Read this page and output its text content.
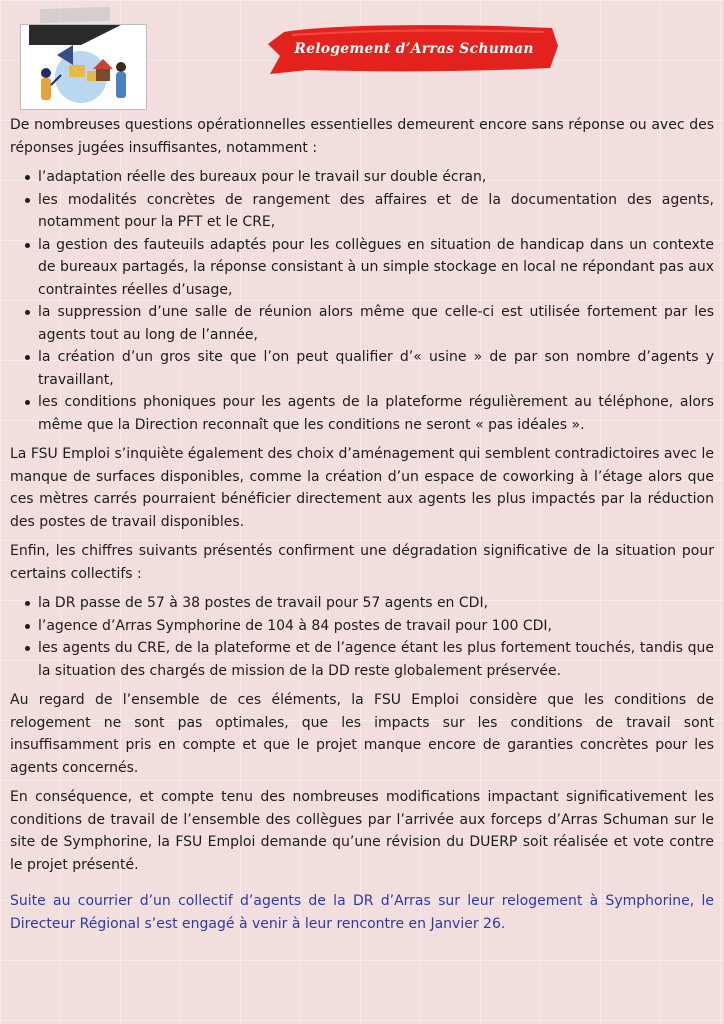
Relogement d’Arras Schuman

De nombreuses questions opérationnelles essentielles demeurent encore sans réponse ou avec des réponses jugées insuffisantes, notamment :

l’adaptation réelle des bureaux pour le travail sur double écran,
les modalités concrètes de rangement des affaires et de la documentation des agents, notamment pour la PFT et le CRE,
la gestion des fauteuils adaptés pour les collègues en situation de handicap dans un contexte de bureaux partagés, la réponse consistant à un simple stockage en local ne répondant pas aux contraintes réelles d’usage,
la suppression d’une salle de réunion alors même que celle-ci est utilisée fortement par les agents tout au long de l’année,
la création d’un gros site que l’on peut qualifier d’« usine » de par son nombre d’agents y travaillant,
les conditions phoniques pour les agents de la plateforme régulièrement au téléphone, alors même que la Direction reconnaît que les conditions ne seront « pas idéales ».

La FSU Emploi s’inquiète également des choix d’aménagement qui semblent contradictoires avec le manque de surfaces disponibles, comme la création d’un espace de coworking à l’étage alors que ces mètres carrés pourraient bénéficier directement aux agents les plus impactés par la réduction des postes de travail disponibles.

Enfin, les chiffres suivants présentés confirment une dégradation significative de la situation pour certains collectifs :

la DR passe de 57 à 38 postes de travail pour 57 agents en CDI,
l’agence d’Arras Symphorine de 104 à 84 postes de travail pour 100 CDI,
les agents du CRE, de la plateforme et de l’agence étant les plus fortement touchés, tandis que la situation des chargés de mission de la DD reste globalement préservée.

Au regard de l’ensemble de ces éléments, la FSU Emploi considère que les conditions de relogement ne sont pas optimales, que les impacts sur les conditions de travail sont insuffisamment pris en compte et que le projet manque encore de garanties concrètes pour les agents concernés.

En conséquence, et compte tenu des nombreuses modifications impactant significativement les conditions de travail de l’ensemble des collègues par l’arrivée aux forceps d’Arras Schuman sur le site de Symphorine, la FSU Emploi demande qu’une révision du DUERP soit réalisée et vote contre le projet présenté.

Suite au courrier d’un collectif d’agents de la DR d’Arras sur leur relogement à Symphorine, le Directeur Régional s’est engagé à venir à leur rencontre en Janvier 26.
